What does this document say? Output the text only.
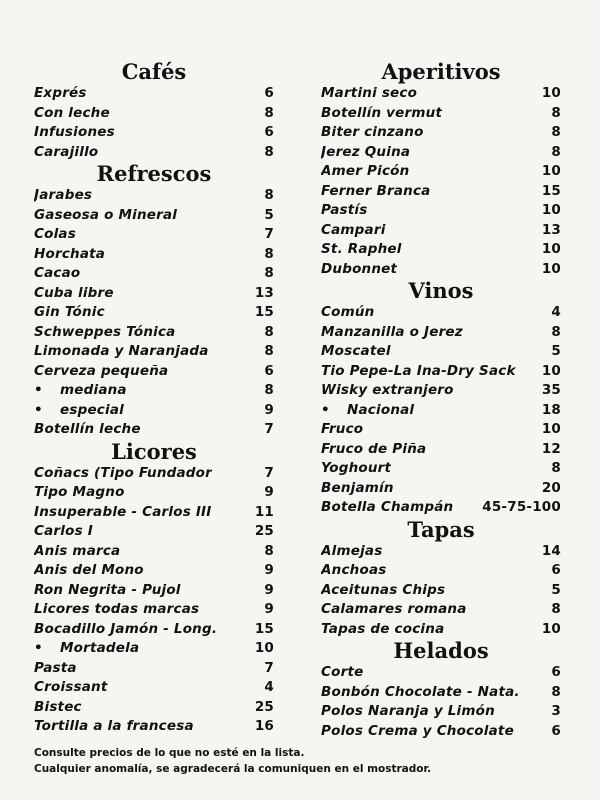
Cafés
Exprés	6
Con leche	8
Infusiones	6
Carajillo	8
Refrescos
Jarabes	8
Gaseosa o Mineral	5
Colas	7
Horchata	8
Cacao	8
Cuba libre	13
Gin Tónic	15
Schweppes Tónica	8
Limonada y Naranjada	8
Cerveza pequeña	6
• mediana	8
• especial	9
Botellín leche	7
Licores
Coñacs (Tipo Fundador	7
Tipo Magno	9
Insuperable - Carlos III	11
Carlos I	25
Anis marca	8
Anis del Mono	9
Ron Negrita - Pujol	9
Licores todas marcas	9
Bocadillo Jamón - Long.	15
• Mortadela	10
Pasta	7
Croissant	4
Bistec	25
Tortilla a la francesa	16
Aperitivos
Martini seco	10
Botellín vermut	8
Biter cinzano	8
Jerez Quina	8
Amer Picón	10
Ferner Branca	15
Pastís	10
Campari	13
St. Raphel	10
Dubonnet	10
Vinos
Común	4
Manzanilla o Jerez	8
Moscatel	5
Tio Pepe-La Ina-Dry Sack 10
Wisky extranjero	35
• Nacional	18
Fruco	10
Fruco de Piña	12
Yoghourt	8
Benjamín	20
Botella Champán 45-75-100
Tapas
Almejas	14
Anchoas	6
Aceitunas Chips	5
Calamares romana	8
Tapas de cocina	10
Helados
Corte	6
Bonbón Chocolate - Nata. 8
Polos Naranja y Limón	3
Polos Crema y Chocolate	6
Consulte precios de lo que no esté en la lista.
Cualquier anomalía, se agradecerá la comuniquen en el mostrador.
